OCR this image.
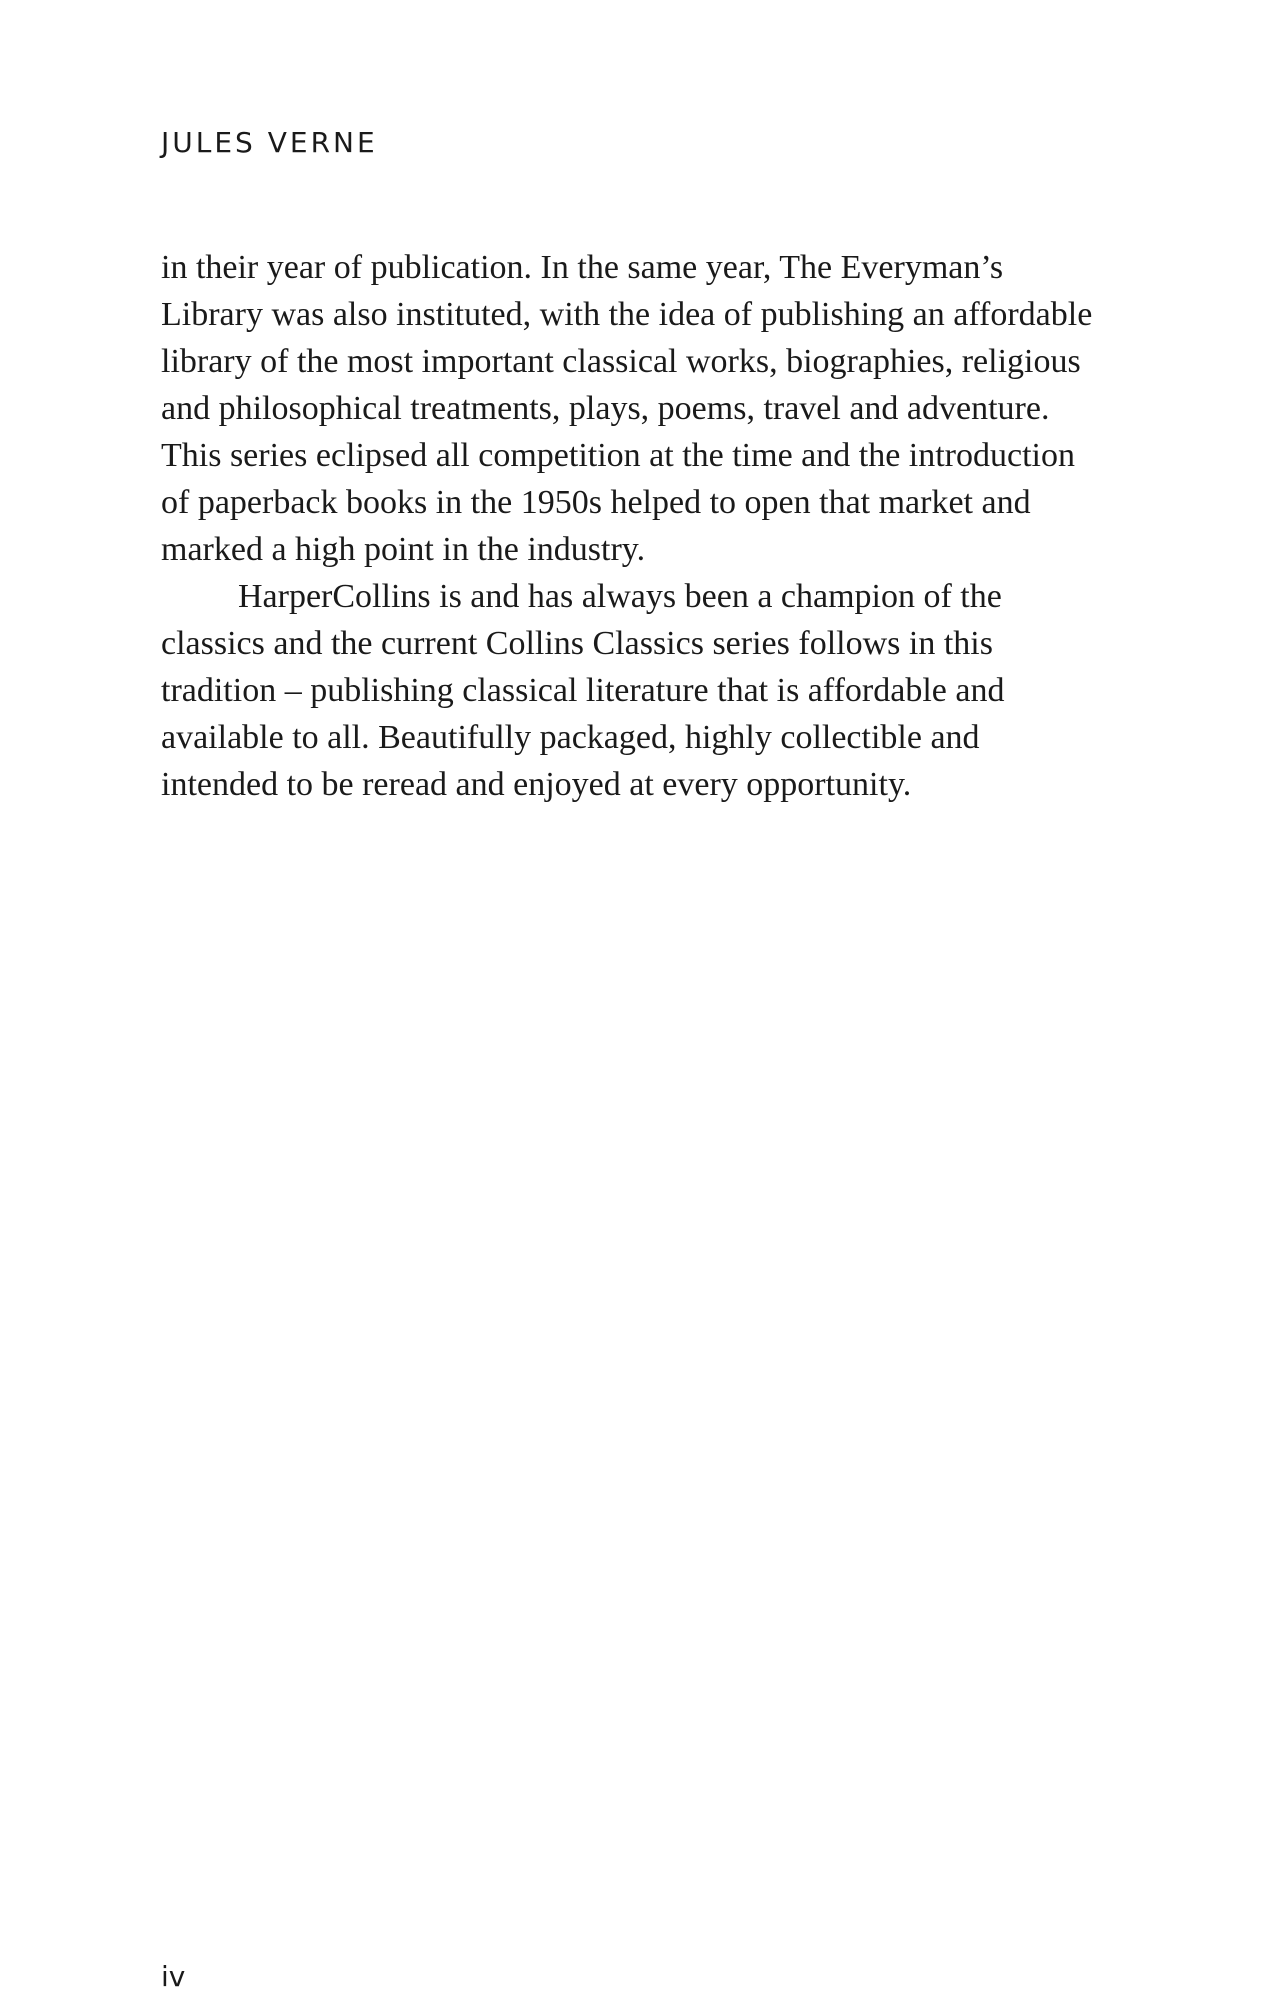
JULES VERNE
in their year of publication. In the same year, The Everyman’s
Library was also instituted, with the idea of publishing an affordable
library of the most important classical works, biographies, religious
and philosophical treatments, plays, poems, travel and adventure.
This series eclipsed all competition at the time and the introduction
of paperback books in the 1950s helped to open that market and
marked a high point in the industry.
HarperCollins is and has always been a champion of the
classics and the current Collins Classics series follows in this
tradition – publishing classical literature that is affordable and
available to all. Beautifully packaged, highly collectible and
intended to be reread and enjoyed at every opportunity.
iv
